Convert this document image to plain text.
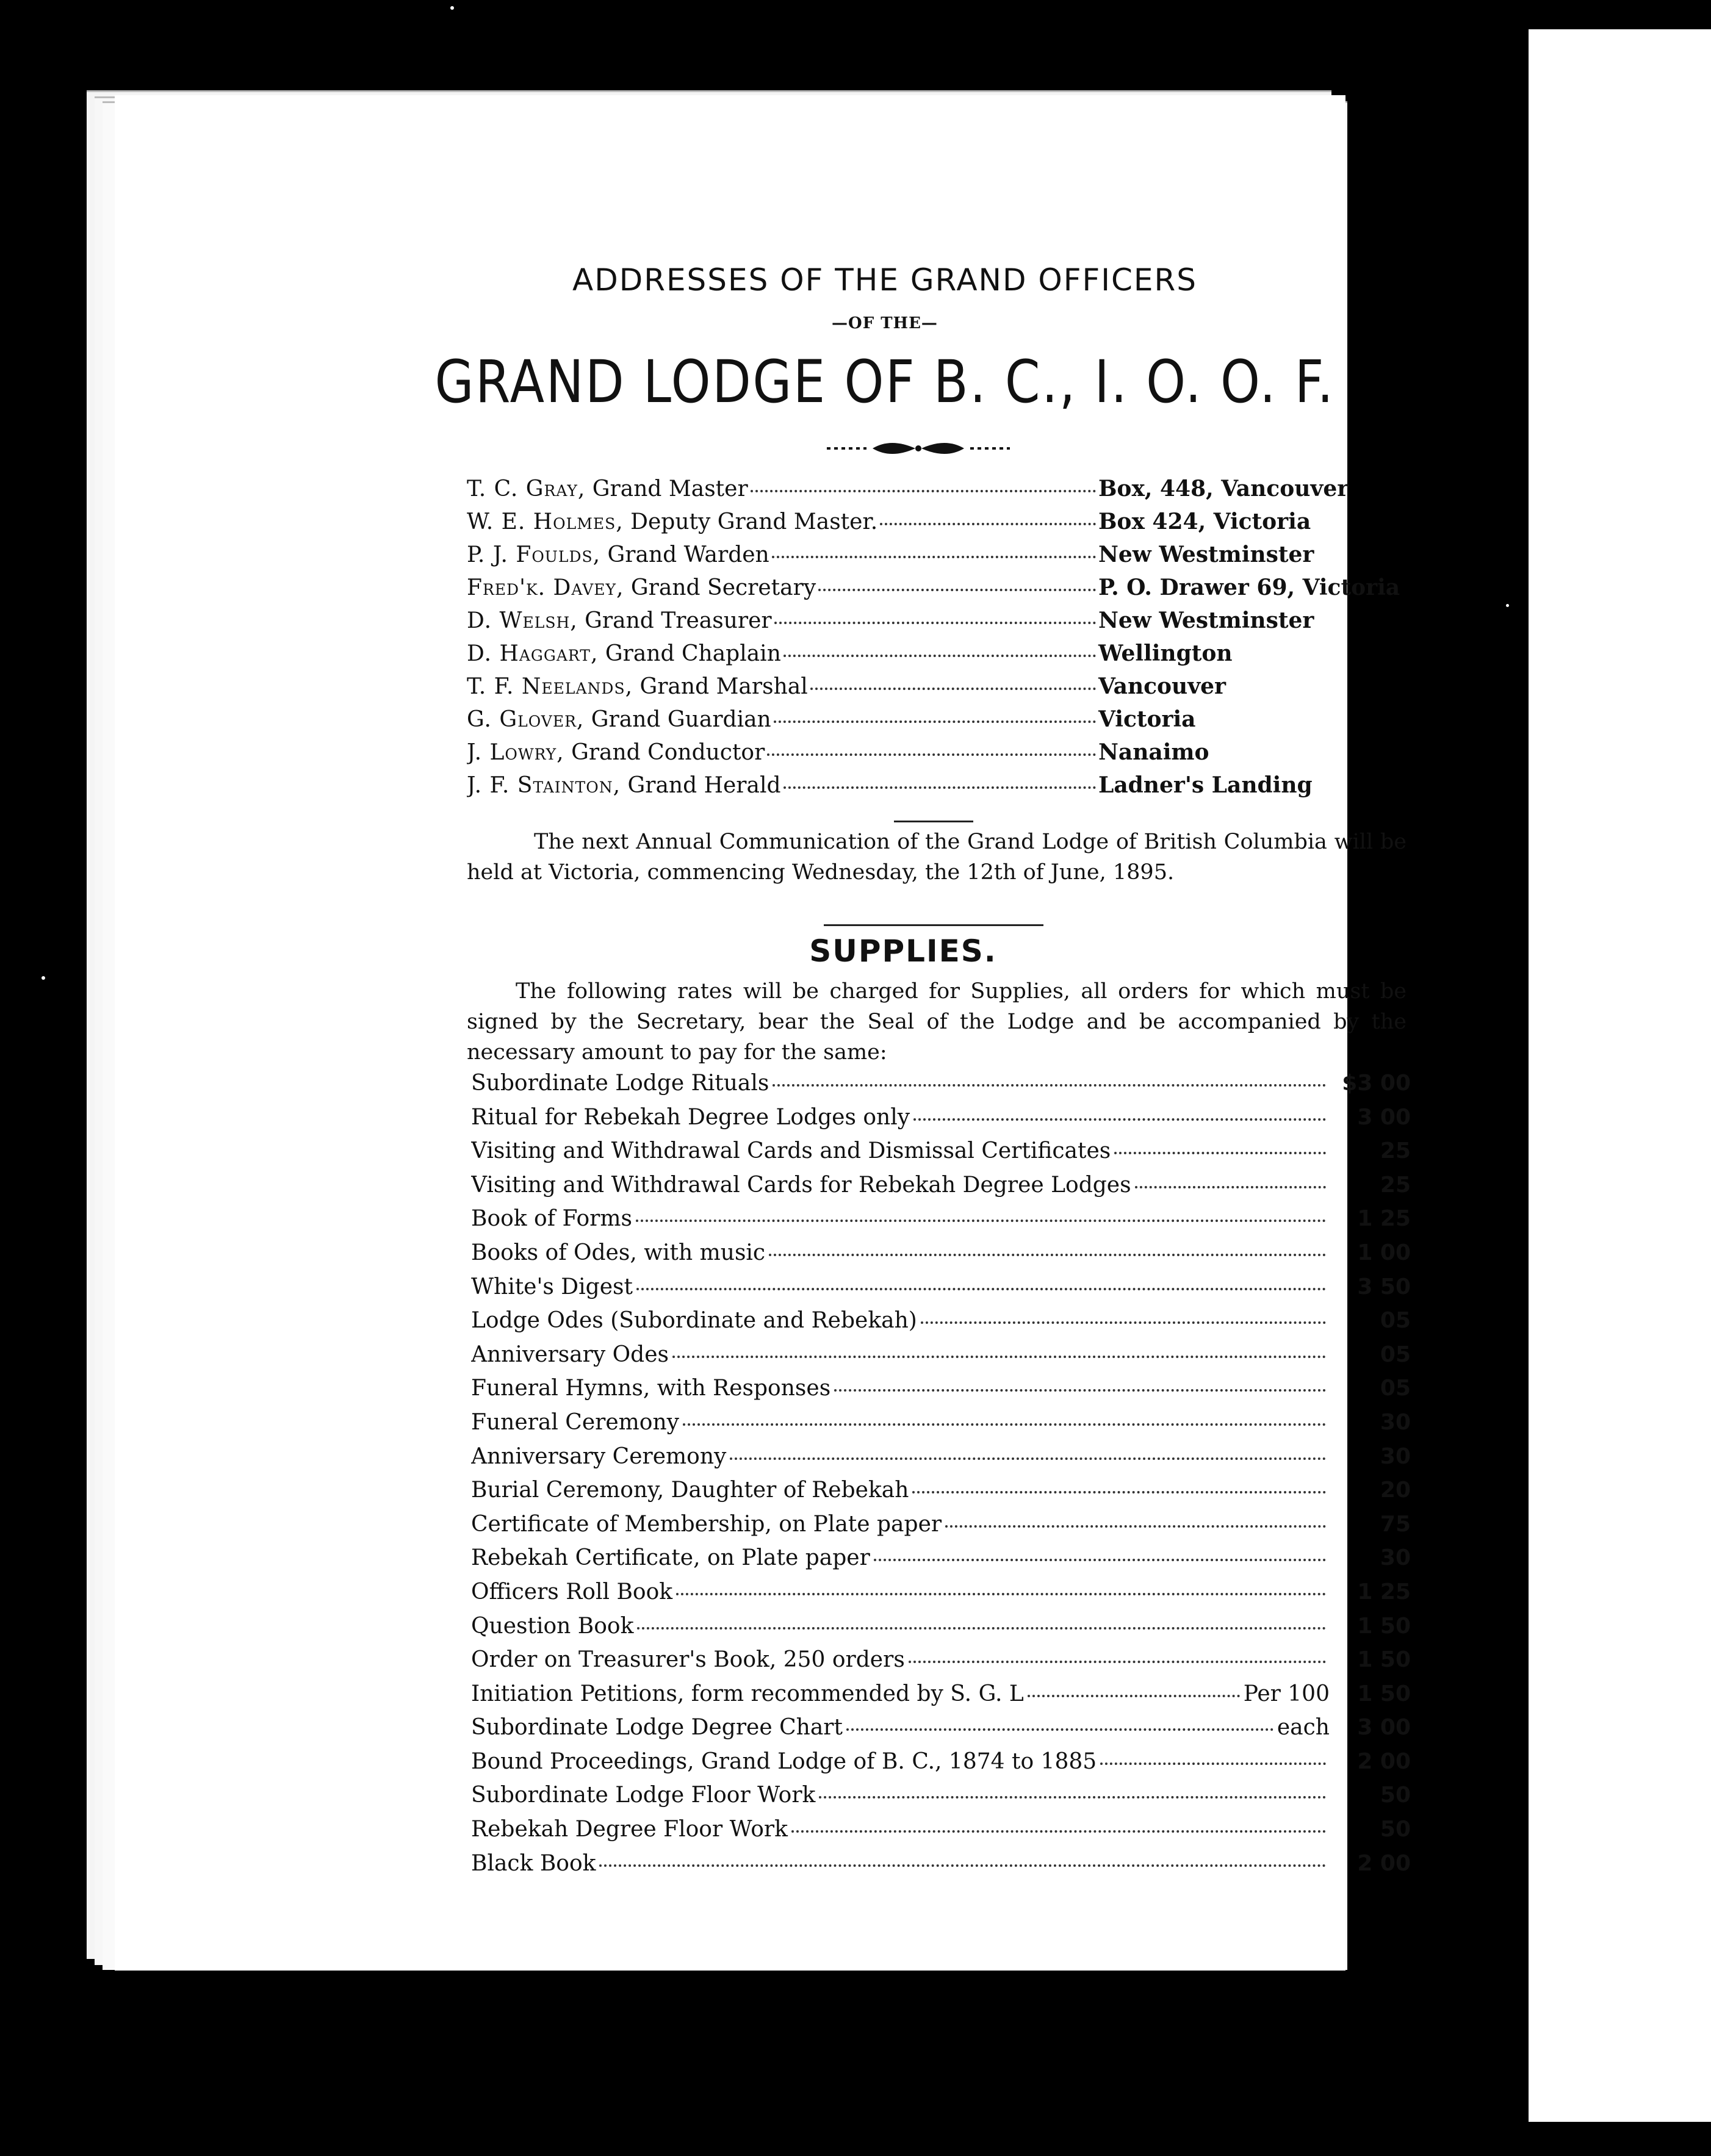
ADDRESSES OF THE GRAND OFFICERS
—OF THE—
GRAND LODGE OF B. C., I. O. O. F.
T. C. Gray, Grand Master	Box, 448, Vancouver
W. E. Holmes, Deputy Grand Master.	Box 424, Victoria
P. J. Foulds, Grand Warden	New Westminster
Fred'k. Davey, Grand Secretary	P. O. Drawer 69, Victoria
D. Welsh, Grand Treasurer	New Westminster
D. Haggart, Grand Chaplain	Wellington
T. F. Neelands, Grand Marshal	Vancouver
G. Glover, Grand Guardian	Victoria
J. Lowry, Grand Conductor	Nanaimo
J. F. Stainton, Grand Herald	Ladner's Landing
The next Annual Communication of the Grand Lodge of British Columbia will be held at Victoria, commencing Wednesday, the 12th of June, 1895.
SUPPLIES.
The following rates will be charged for Supplies, all orders for which must be signed by the Secretary, bear the Seal of the Lodge and be accompanied by the necessary amount to pay for the same:
Subordinate Lodge Rituals	$3 00
Ritual for Rebekah Degree Lodges only	3 00
Visiting and Withdrawal Cards and Dismissal Certificates	25
Visiting and Withdrawal Cards for Rebekah Degree Lodges	25
Book of Forms	1 25
Books of Odes, with music	1 00
White's Digest	3 50
Lodge Odes (Subordinate and Rebekah)	05
Anniversary Odes	05
Funeral Hymns, with Responses	05
Funeral Ceremony	30
Anniversary Ceremony	30
Burial Ceremony, Daughter of Rebekah	20
Certificate of Membership, on Plate paper	75
Rebekah Certificate, on Plate paper	30
Officers Roll Book	1 25
Question Book	1 50
Order on Treasurer's Book, 250 orders	1 50
Initiation Petitions, form recommended by S. G. L	Per 100	1 50
Subordinate Lodge Degree Chart	each	3 00
Bound Proceedings, Grand Lodge of B. C., 1874 to 1885	2 00
Subordinate Lodge Floor Work	50
Rebekah Degree Floor Work	50
Black Book	2 00
